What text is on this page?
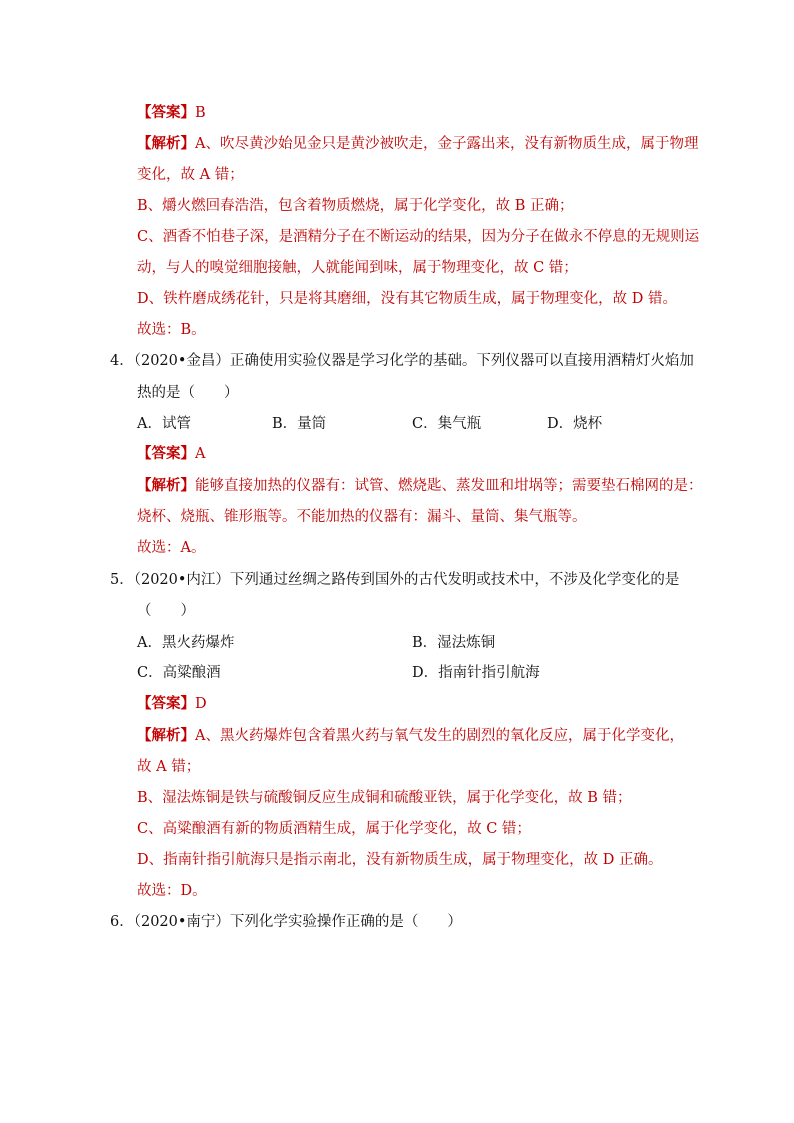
【答案】B
【解析】A、吹尽黄沙始见金只是黄沙被吹走，金子露出来，没有新物质生成，属于物理
变化，故 A 错；
B、爝火燃回春浩浩，包含着物质燃烧，属于化学变化，故 B 正确；
C、酒香不怕巷子深，是酒精分子在不断运动的结果，因为分子在做永不停息的无规则运
动，与人的嗅觉细胞接触，人就能闻到味，属于物理变化，故 C 错；
D、铁杵磨成绣花针，只是将其磨细，没有其它物质生成，属于物理变化，故 D 错。
故选：B。
4．（2020•金昌）正确使用实验仪器是学习化学的基础。下列仪器可以直接用酒精灯火焰加
热的是（　　）
A．试管	B．量筒	C．集气瓶	D．烧杯
【答案】A
【解析】能够直接加热的仪器有：试管、燃烧匙、蒸发皿和坩埚等；需要垫石棉网的是：
烧杯、烧瓶、锥形瓶等。不能加热的仪器有：漏斗、量筒、集气瓶等。
故选：A。
5．（2020•内江）下列通过丝绸之路传到国外的古代发明或技术中，不涉及化学变化的是
（　　）
A．黑火药爆炸	B．湿法炼铜
C．高粱酿酒	D．指南针指引航海
【答案】D
【解析】A、黑火药爆炸包含着黑火药与氧气发生的剧烈的氧化反应，属于化学变化，
故 A 错；
B、湿法炼铜是铁与硫酸铜反应生成铜和硫酸亚铁，属于化学变化，故 B 错；
C、高粱酿酒有新的物质酒精生成，属于化学变化，故 C 错；
D、指南针指引航海只是指示南北，没有新物质生成，属于物理变化，故 D 正确。
故选：D。
6．（2020•南宁）下列化学实验操作正确的是（　　）
